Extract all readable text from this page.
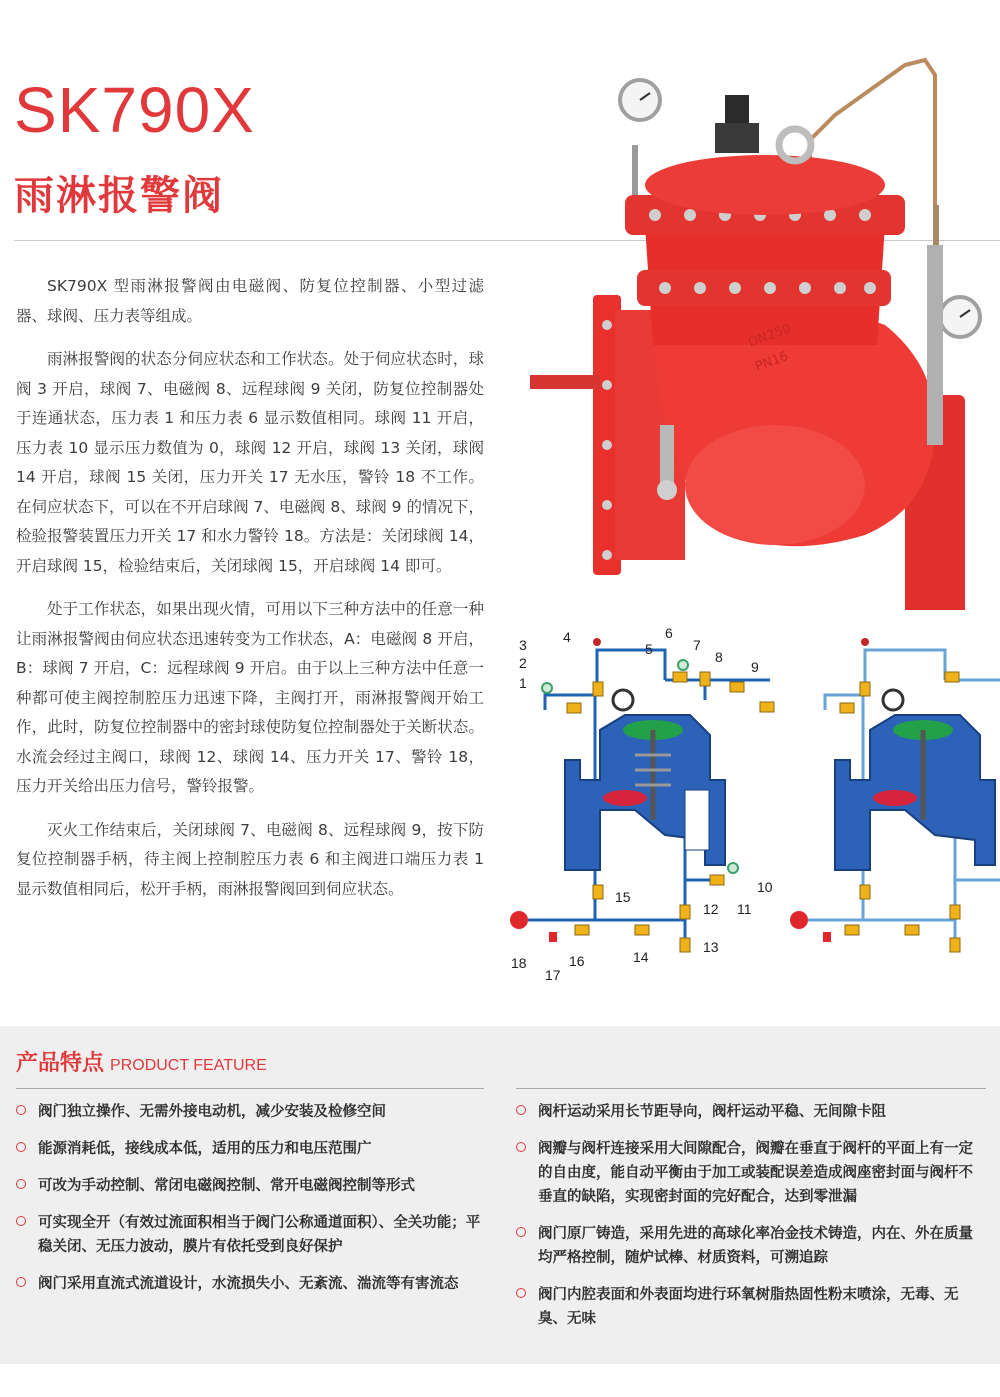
SK790X
雨淋报警阀

SK790X 型雨淋报警阀由电磁阀、防复位控制器、小型过滤器、球阀、压力表等组成。

雨淋报警阀的状态分伺应状态和工作状态。处于伺应状态时，球阀 3 开启，球阀 7、电磁阀 8、远程球阀 9 关闭，防复位控制器处于连通状态，压力表 1 和压力表 6 显示数值相同。球阀 11 开启，压力表 10 显示压力数值为 0，球阀 12 开启，球阀 13 关闭，球阀 14 开启，球阀 15 关闭，压力开关 17 无水压，警铃 18 不工作。在伺应状态下，可以在不开启球阀 7、电磁阀 8、球阀 9 的情况下，检验报警装置压力开关 17 和水力警铃 18。方法是：关闭球阀 14，开启球阀 15，检验结束后，关闭球阀 15，开启球阀 14 即可。

处于工作状态，如果出现火情，可用以下三种方法中的任意一种让雨淋报警阀由伺应状态迅速转变为工作状态，A：电磁阀 8 开启，B：球阀 7 开启，C：远程球阀 9 开启。由于以上三种方法中任意一种都可使主阀控制腔压力迅速下降，主阀打开，雨淋报警阀开始工作，此时，防复位控制器中的密封球使防复位控制器处于关断状态。水流会经过主阀口，球阀 12、球阀 14、压力开关 17、警铃 18，压力开关给出压力信号，警铃报警。

灭火工作结束后，关闭球阀 7、电磁阀 8、远程球阀 9，按下防复位控制器手柄，待主阀上控制腔压力表 6 和主阀进口端压力表 1 显示数值相同后，松开手柄，雨淋报警阀回到伺应状态。

DN250
PN16
1
2
3	4
5
6
7
8
9
10
11
12
13
14
15
16
17
18
产品特点 PRODUCT FEATURE
阀门独立操作、无需外接电动机，减少安装及检修空间
能源消耗低，接线成本低，适用的压力和电压范围广
可改为手动控制、常闭电磁阀控制、常开电磁阀控制等形式
可实现全开（有效过流面积相当于阀门公称通道面积）、全关功能；平稳关闭、无压力波动，膜片有依托受到良好保护
阀门采用直流式流道设计，水流损失小、无紊流、湍流等有害流态
阀杆运动采用长节距导向，阀杆运动平稳、无间隙卡阻
阀瓣与阀杆连接采用大间隙配合，阀瓣在垂直于阀杆的平面上有一定的自由度，能自动平衡由于加工或装配误差造成阀座密封面与阀杆不垂直的缺陷，实现密封面的完好配合，达到零泄漏
阀门原厂铸造，采用先进的高球化率冶金技术铸造，内在、外在质量均严格控制，随炉试棒、材质资料，可溯追踪
阀门内腔表面和外表面均进行环氧树脂热固性粉末喷涂，无毒、无臭、无味
